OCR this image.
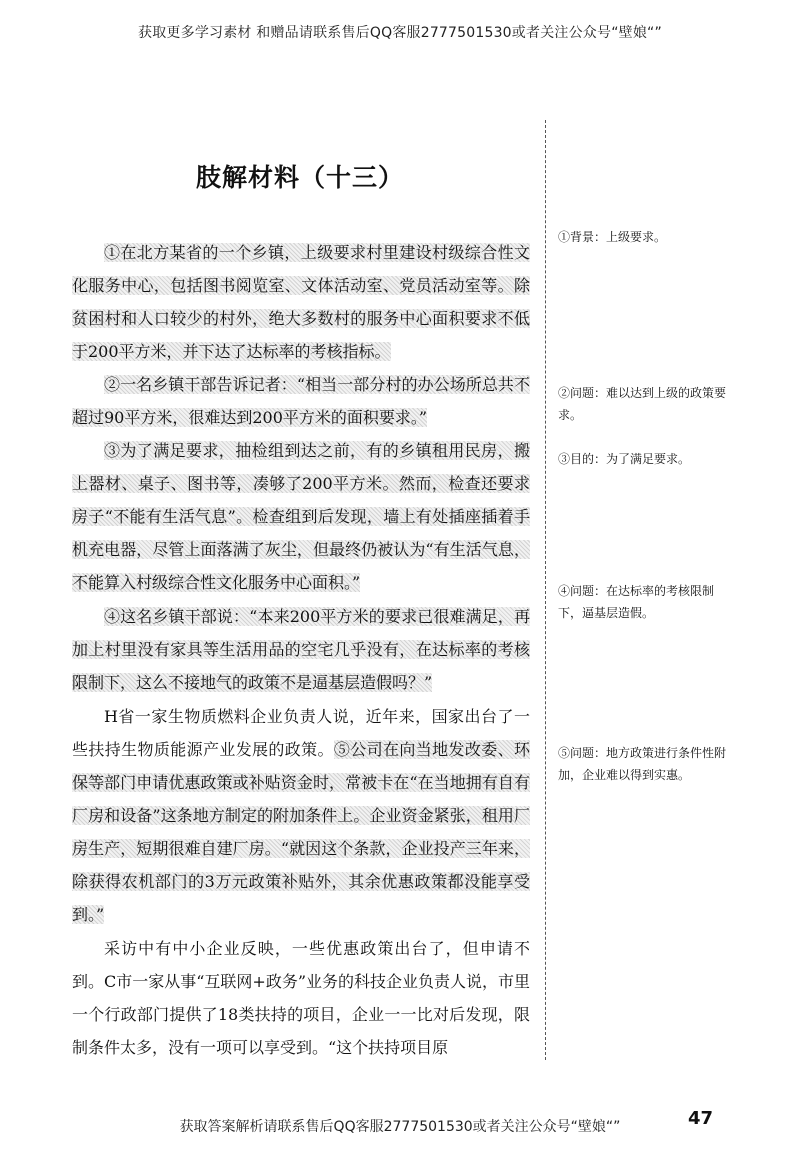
获取更多学习素材 和赠品请联系售后QQ客服2777501530或者关注公众号“壁娘“”
肢解材料（十三）

①在北方某省的一个乡镇，上级要求村里建设村级综合性文化服务中心，包括图书阅览室、文体活动室、党员活动室等。除贫困村和人口较少的村外，绝大多数村的服务中心面积要求不低于200平方米，并下达了达标率的考核指标。

②一名乡镇干部告诉记者：“相当一部分村的办公场所总共不超过90平方米，很难达到200平方米的面积要求。”

③为了满足要求，抽检组到达之前，有的乡镇租用民房，搬上器材、桌子、图书等，凑够了200平方米。然而，检查还要求房子“不能有生活气息”。检查组到后发现，墙上有处插座插着手机充电器，尽管上面落满了灰尘，但最终仍被认为“有生活气息，不能算入村级综合性文化服务中心面积。”

④这名乡镇干部说：“本来200平方米的要求已很难满足，再加上村里没有家具等生活用品的空宅几乎没有，在达标率的考核限制下，这么不接地气的政策不是逼基层造假吗？”

H省一家生物质燃料企业负责人说，近年来，国家出台了一些扶持生物质能源产业发展的政策。⑤公司在向当地发改委、环保等部门申请优惠政策或补贴资金时，常被卡在“在当地拥有自有厂房和设备”这条地方制定的附加条件上。企业资金紧张，租用厂房生产，短期很难自建厂房。“就因这个条款，企业投产三年来，除获得农机部门的3万元政策补贴外，其余优惠政策都没能享受到。”

采访中有中小企业反映，一些优惠政策出台了，但申请不到。C市一家从事“互联网+政务”业务的科技企业负责人说，市里一个行政部门提供了18类扶持的项目，企业一一比对后发现，限制条件太多，没有一项可以享受到。“这个扶持项目原

①背景：上级要求。
②问题：难以达到上级的政策要求。
③目的：为了满足要求。
④问题：在达标率的考核限制下，逼基层造假。
⑤问题：地方政策进行条件性附加，企业难以得到实惠。
获取答案解析请联系售后QQ客服2777501530或者关注公众号“壁娘“”	47
